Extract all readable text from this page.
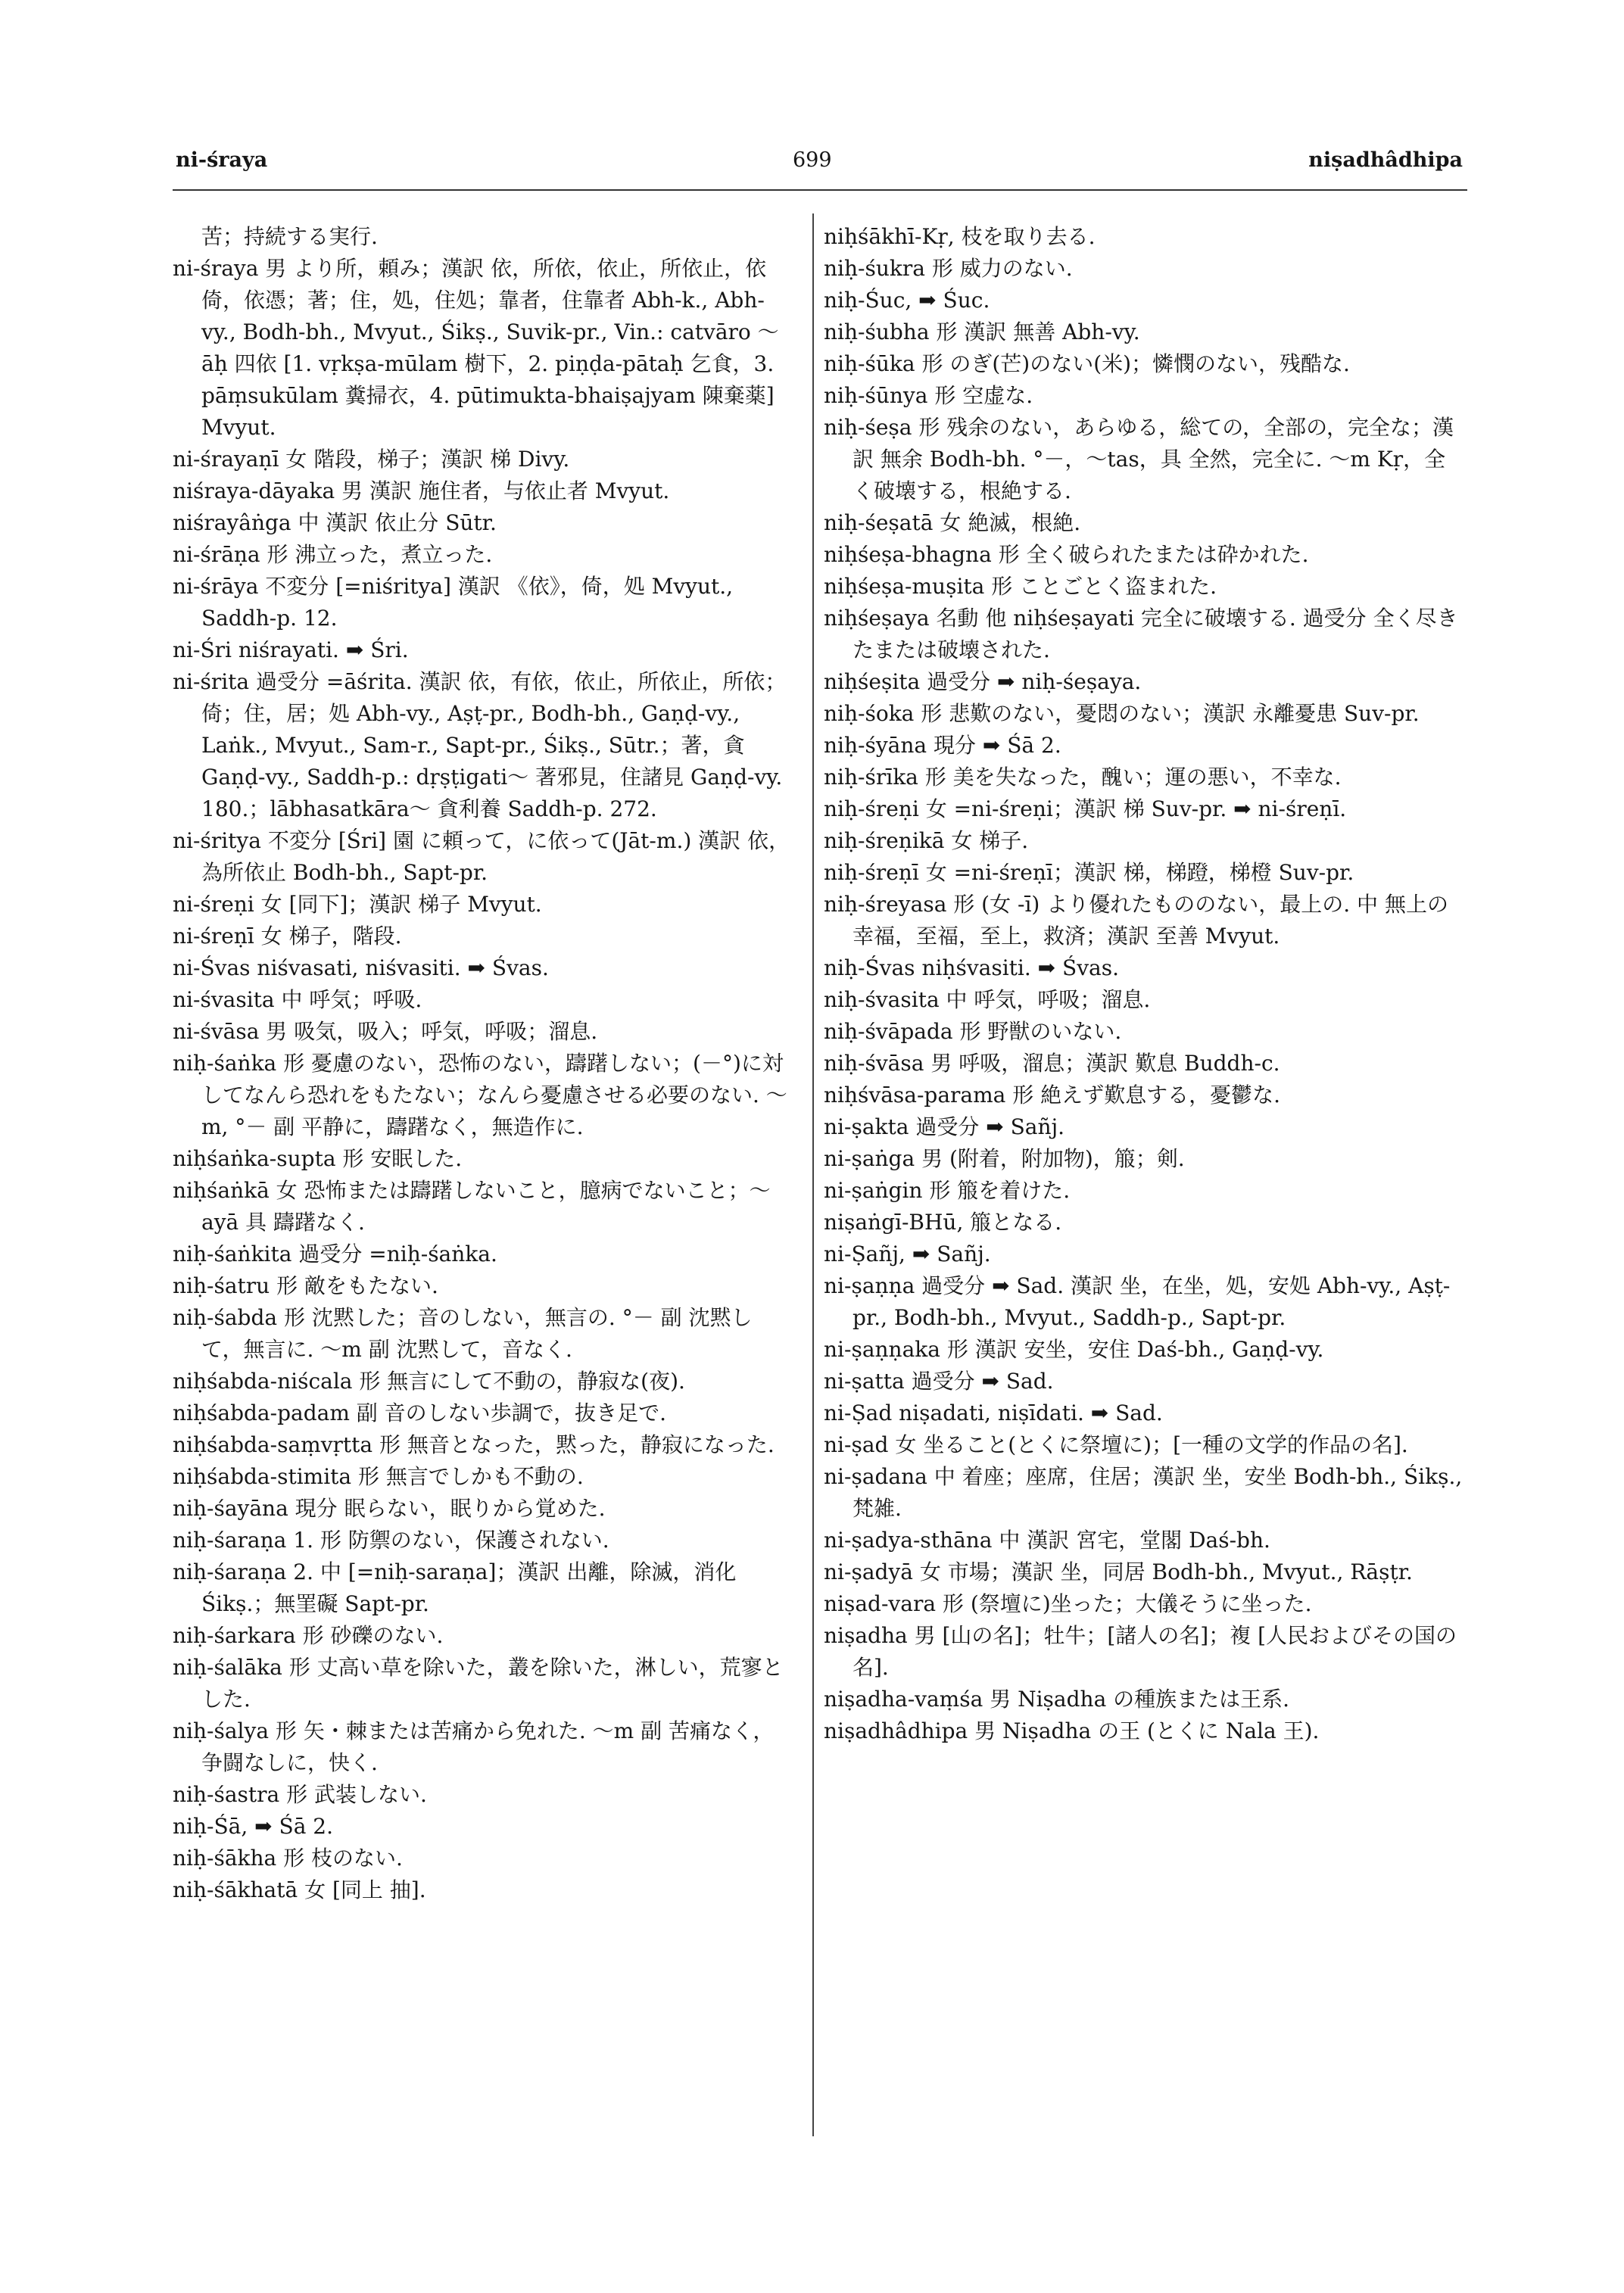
ni-śraya	699	niṣadhâdhipa

苦；持続する実行.

ni-śraya 男 より所，頼み；漢訳 依，所依，依止，所依止，依倚，依憑；著；住，処，住処；靠者，住靠者 Abh-k., Abh-vy., Bodh-bh., Mvyut., Śikṣ., Suvik-pr., Vin.: catvāro ～āḥ 四依 [1. vṛkṣa-mūlam 樹下，2. piṇḍa-pātaḥ 乞食，3. pāṃsukūlam 糞掃衣，4. pūtimukta-bhaiṣajyam 陳棄薬] Mvyut.

ni-śrayaṇī 女 階段，梯子；漢訳 梯 Divy.

niśraya-dāyaka 男 漢訳 施住者，与依止者 Mvyut.

niśrayâṅga 中 漢訳 依止分 Sūtr.

ni-śrāṇa 形 沸立った，煮立った.

ni-śrāya 不変分 [=niśritya] 漢訳 《依》，倚，処 Mvyut., Saddh-p. 12.

ni-Śri niśrayati. ➡ Śri.

ni-śrita 過受分 =āśrita. 漢訳 依，有依，依止，所依止，所依；倚；住，居；処 Abh-vy., Aṣṭ-pr., Bodh-bh., Gaṇḍ-vy., Laṅk., Mvyut., Sam-r., Sapt-pr., Śikṣ., Sūtr.；著，貪 Gaṇḍ-vy., Saddh-p.: dṛṣṭigati～ 著邪見，住諸見 Gaṇḍ-vy. 180.；lābhasatkāra～ 貪利養 Saddh-p. 272.

ni-śritya 不変分 [Śri] 園 に頼って，に依って(Jāt-m.) 漢訳 依，為所依止 Bodh-bh., Sapt-pr.

ni-śreṇi 女 [同下]；漢訳 梯子 Mvyut.

ni-śreṇī 女 梯子，階段.

ni-Śvas niśvasati, niśvasiti. ➡ Śvas.

ni-śvasita 中 呼気；呼吸.

ni-śvāsa 男 吸気，吸入；呼気，呼吸；溜息.

niḥ-śaṅka 形 憂慮のない，恐怖のない，躊躇しない；(－°)に対してなんら恐れをもたない；なんら憂慮させる必要のない. ～m, °－ 副 平静に，躊躇なく，無造作に.

niḥśaṅka-supta 形 安眠した.

niḥśaṅkā 女 恐怖または躊躇しないこと，臆病でないこと；～ayā 具 躊躇なく.

niḥ-śaṅkita 過受分 =niḥ-śaṅka.

niḥ-śatru 形 敵をもたない.

niḥ-śabda 形 沈黙した；音のしない，無言の. °－ 副 沈黙して，無言に. ～m 副 沈黙して，音なく.

niḥśabda-niścala 形 無言にして不動の，静寂な(夜).

niḥśabda-padam 副 音のしない歩調で，抜き足で.

niḥśabda-saṃvṛtta 形 無音となった，黙った，静寂になった.

niḥśabda-stimita 形 無言でしかも不動の.

niḥ-śayāna 現分 眠らない，眠りから覚めた.

niḥ-śaraṇa 1. 形 防禦のない，保護されない.

niḥ-śaraṇa 2. 中 [=niḥ-saraṇa]；漢訳 出離，除滅，消化 Śikṣ.；無罣礙 Sapt-pr.

niḥ-śarkara 形 砂礫のない.

niḥ-śalāka 形 丈高い草を除いた，叢を除いた，淋しい，荒寥とした.

niḥ-śalya 形 矢・棘または苦痛から免れた. ～m 副 苦痛なく，争闘なしに，快く.

niḥ-śastra 形 武装しない.

niḥ-Śā, ➡ Śā 2.

niḥ-śākha 形 枝のない.

niḥ-śākhatā 女 [同上 抽].

niḥśākhī-Kṛ, 枝を取り去る.

niḥ-śukra 形 威力のない.

niḥ-Śuc, ➡ Śuc.

niḥ-śubha 形 漢訳 無善 Abh-vy.

niḥ-śūka 形 のぎ(芒)のない(米)；憐憫のない，残酷な.

niḥ-śūnya 形 空虚な.

niḥ-śeṣa 形 残余のない，あらゆる，総ての，全部の，完全な；漢訳 無余 Bodh-bh. °－，～tas，具 全然，完全に. ～m Kṛ，全く破壊する，根絶する.

niḥ-śeṣatā 女 絶滅，根絶.

niḥśeṣa-bhagna 形 全く破られたまたは砕かれた.

niḥśeṣa-muṣita 形 ことごとく盗まれた.

niḥśeṣaya 名動 他 niḥśeṣayati 完全に破壊する. 過受分 全く尽きたまたは破壊された.

niḥśeṣita 過受分 ➡ niḥ-śeṣaya.

niḥ-śoka 形 悲歎のない，憂悶のない；漢訳 永離憂患 Suv-pr.

niḥ-śyāna 現分 ➡ Śā 2.

niḥ-śrīka 形 美を失なった，醜い；運の悪い，不幸な.

niḥ-śreṇi 女 =ni-śreṇi；漢訳 梯 Suv-pr. ➡ ni-śreṇī.

niḥ-śreṇikā 女 梯子.

niḥ-śreṇī 女 =ni-śreṇī；漢訳 梯，梯蹬，梯橙 Suv-pr.

niḥ-śreyasa 形 (女 -ī) より優れたもののない，最上の. 中 無上の幸福，至福，至上，救済；漢訳 至善 Mvyut.

niḥ-Śvas niḥśvasiti. ➡ Śvas.

niḥ-śvasita 中 呼気，呼吸；溜息.

niḥ-śvāpada 形 野獣のいない.

niḥ-śvāsa 男 呼吸，溜息；漢訳 歎息 Buddh-c.

niḥśvāsa-parama 形 絶えず歎息する，憂鬱な.

ni-ṣakta 過受分 ➡ Sañj.

ni-ṣaṅga 男 (附着，附加物)，箙；剣.

ni-ṣaṅgin 形 箙を着けた.

niṣaṅgī-BHū, 箙となる.

ni-Ṣañj, ➡ Sañj.

ni-ṣaṇṇa 過受分 ➡ Sad. 漢訳 坐，在坐，処，安処 Abh-vy., Aṣṭ-pr., Bodh-bh., Mvyut., Saddh-p., Sapt-pr.

ni-ṣaṇṇaka 形 漢訳 安坐，安住 Daś-bh., Gaṇḍ-vy.

ni-ṣatta 過受分 ➡ Sad.

ni-Ṣad niṣadati, niṣīdati. ➡ Sad.

ni-ṣad 女 坐ること(とくに祭壇に)；[一種の文学的作品の名].

ni-ṣadana 中 着座；座席，住居；漢訳 坐，安坐 Bodh-bh., Śikṣ., 梵雑.

ni-ṣadya-sthāna 中 漢訳 宮宅，堂閣 Daś-bh.

ni-ṣadyā 女 市場；漢訳 坐，同居 Bodh-bh., Mvyut., Rāṣṭr.

niṣad-vara 形 (祭壇に)坐った；大儀そうに坐った.

niṣadha 男 [山の名]；牡牛；[諸人の名]；複 [人民およびその国の名].

niṣadha-vaṃśa 男 Niṣadha の種族または王系.

niṣadhâdhipa 男 Niṣadha の王 (とくに Nala 王).
